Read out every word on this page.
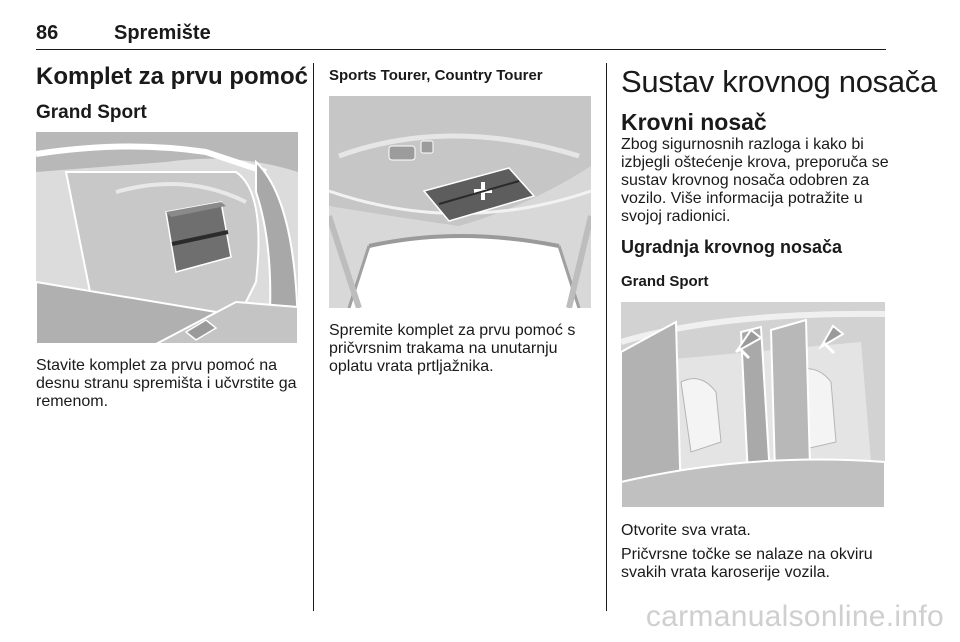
86	Spremište
Komplet za prvu pomoć
Grand Sport
Stavite komplet za prvu pomoć na desnu stranu spremišta i učvrstite ga remenom.
Sports Tourer, Country Tourer
Spremite komplet za prvu pomoć s pričvrsnim trakama na unutarnju oplatu vrata prtljažnika.
Sustav krovnog nosača
Krovni nosač
Zbog sigurnosnih razloga i kako bi izbjegli oštećenje krova, preporuča se sustav krovnog nosača odobren za vozilo. Više informacija potražite u svojoj radionici.
Ugradnja krovnog nosača
Grand Sport

Otvorite sva vrata.

Pričvrsne točke se nalaze na okviru svakih vrata karoserije vozila.

carmanualsonline.info
